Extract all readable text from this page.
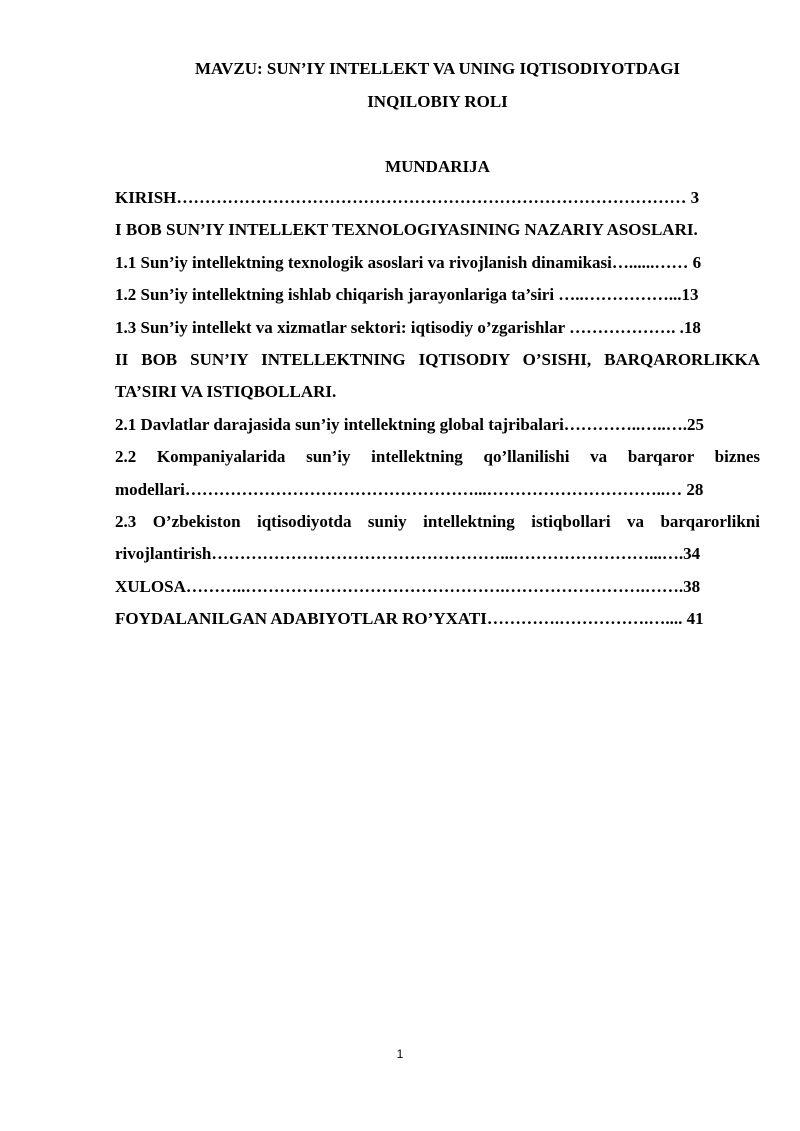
MAVZU: SUN’IY INTELLEKT VA UNING IQTISODIYOTDAGI
INQILOBIY ROLI
MUNDARIJA

KIRISH……………………………………………………………………………… 3

I BOB SUN’IY INTELLEKT TEXNOLOGIYASINING NAZARIY ASOSLARI.

1.1 Sun’iy intellektning texnologik asoslari va rivojlanish dinamikasi…......…… 6

1.2 Sun’iy intellektning ishlab chiqarish jarayonlariga ta’siri …..……………...13

1.3 Sun’iy intellekt va xizmatlar sektori: iqtisodiy o’zgarishlar ………………. .18

II BOB SUN’IY INTELLEKTNING IQTISODIY O’SISHI, BARQARORLIKKA TA’SIRI VA ISTIQBOLLARI.

2.1 Davlatlar darajasida sun’iy intellektning global tajribalari…………..…..….25

2.2 Kompaniyalarida sun’iy intellektning qo’llanilishi va barqaror biznes modellari……………………………………………...…………………………..… 28

2.3 O’zbekiston iqtisodiyotda suniy intellektning istiqbollari va barqarorlikni rivojlantirish……………………………………………...……………………...….34

XULOSA………..……………………………………….…………………….…….38

FOYDALANILGAN ADABIYOTLAR RO’YXATI………….…………….….... 41

1
